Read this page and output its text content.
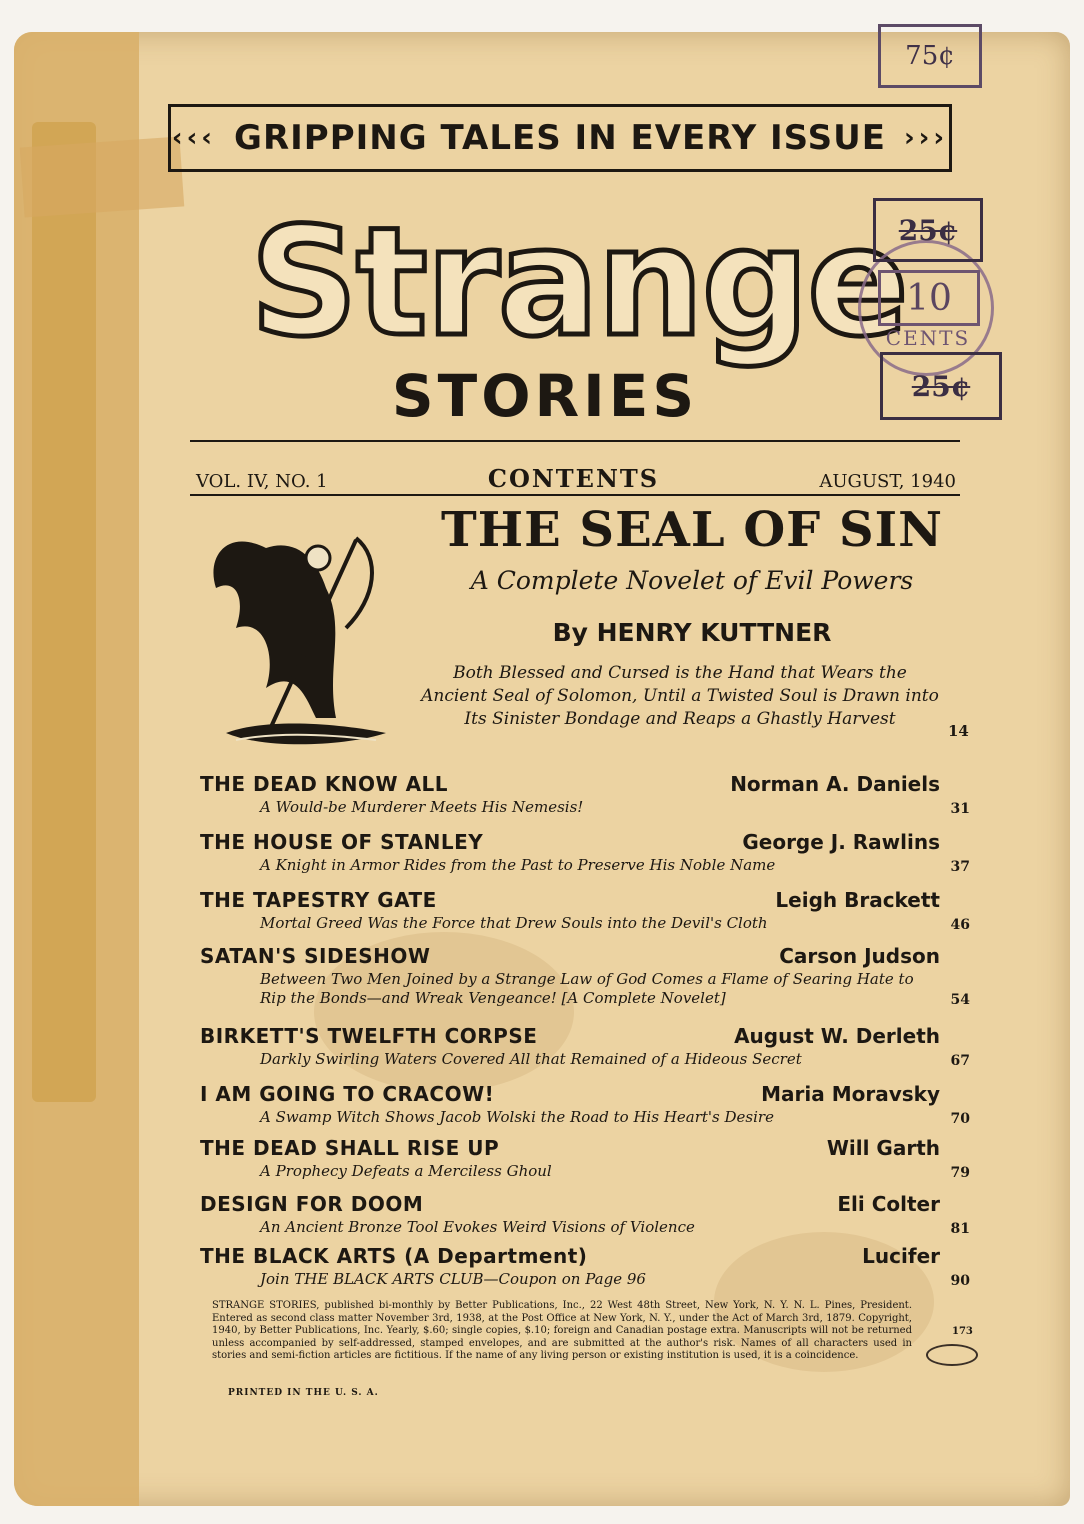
75¢
‹‹‹ GRIPPING TALES IN EVERY ISSUE ›››
Strange
STORIES
25¢
10
CENTS
25¢
VOL. IV, NO. 1	CONTENTS	AUGUST, 1940
THE SEAL OF SIN
A Complete Novelet of Evil Powers
By HENRY KUTTNER
Both Blessed and Cursed is the Hand that Wears the Ancient Seal of Solomon, Until a Twisted Soul is Drawn into Its Sinister Bondage and Reaps a Ghastly Harvest
14
THE DEAD KNOW ALL	Norman A. Daniels
A Would-be Murderer Meets His Nemesis!	31
THE HOUSE OF STANLEY	George J. Rawlins
A Knight in Armor Rides from the Past to Preserve His Noble Name	37
THE TAPESTRY GATE	Leigh Brackett
Mortal Greed Was the Force that Drew Souls into the Devil's Cloth	46
SATAN'S SIDESHOW	Carson Judson
Between Two Men Joined by a Strange Law of God Comes a Flame of Searing Hate to Rip the Bonds—and Wreak Vengeance! [A Complete Novelet]	54
BIRKETT'S TWELFTH CORPSE	August W. Derleth
Darkly Swirling Waters Covered All that Remained of a Hideous Secret	67
I AM GOING TO CRACOW!	Maria Moravsky
A Swamp Witch Shows Jacob Wolski the Road to His Heart's Desire	70
THE DEAD SHALL RISE UP	Will Garth
A Prophecy Defeats a Merciless Ghoul	79
DESIGN FOR DOOM	Eli Colter
An Ancient Bronze Tool Evokes Weird Visions of Violence	81
THE BLACK ARTS (A Department)	Lucifer
Join THE BLACK ARTS CLUB—Coupon on Page 96	90
STRANGE STORIES, published bi-monthly by Better Publications, Inc., 22 West 48th Street, New York, N. Y. N. L. Pines, President. Entered as second class matter November 3rd, 1938, at the Post Office at New York, N. Y., under the Act of March 3rd, 1879. Copyright, 1940, by Better Publications, Inc. Yearly, $.60; single copies, $.10; foreign and Canadian postage extra. Manuscripts will not be returned unless accompanied by self-addressed, stamped envelopes, and are submitted at the author's risk. Names of all characters used in stories and semi-fiction articles are fictitious. If the name of any living person or existing institution is used, it is a coincidence.
173
PRINTED IN THE U. S. A.
